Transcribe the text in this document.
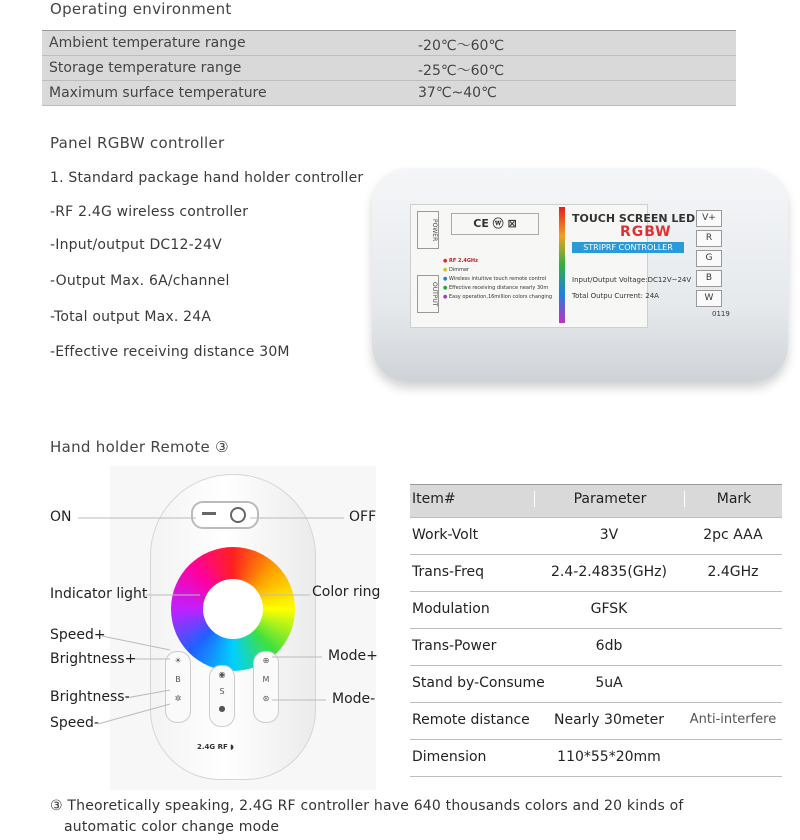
Operating environment
Ambient temperature range	-20℃～60℃
Storage temperature range	-25℃～60℃
Maximum surface temperature	37℃~40℃
Panel RGBW controller
1. Standard package hand holder controller
-RF 2.4G wireless controller
-Input/output DC12-24V
-Output Max. 6A/channel
-Total output Max. 24A
-Effective receiving distance 30M
POWER
OUTPUT
CE ⓦ ⊠
● RF 2.4GHz
● Dimmer
● Wireless intuitive touch remote control
● Effective receiving distance nearly 30m
● Easy operation,16million colors changing
TOUCH SCREEN LED
RGBW
STRIPRF CONTROLLER
Input/Output Voltage:DC12V~24V
Total Outpu Current: 24A
V+
R
G
B
W
0119
Hand holder Remote ③
☀
B
✲
◉
S
●
⊕
M
⊛
2.4G RF ◗
ON	OFF
Indicator light	Color ring
Speed+
Brightness+	Mode+
Brightness-	Mode-
Speed-
Item#	Parameter	Mark
Work-Volt	3V	2pc AAA
Trans-Freq	2.4-2.4835(GHz)	2.4GHz
Modulation	GFSK
Trans-Power	6db
Stand by-Consume	5uA
Remote distance	Nearly 30meter	Anti-interfere
Dimension	110*55*20mm
③ Theoretically speaking, 2.4G RF controller have 640 thousands colors and 20 kinds of
automatic color change mode
